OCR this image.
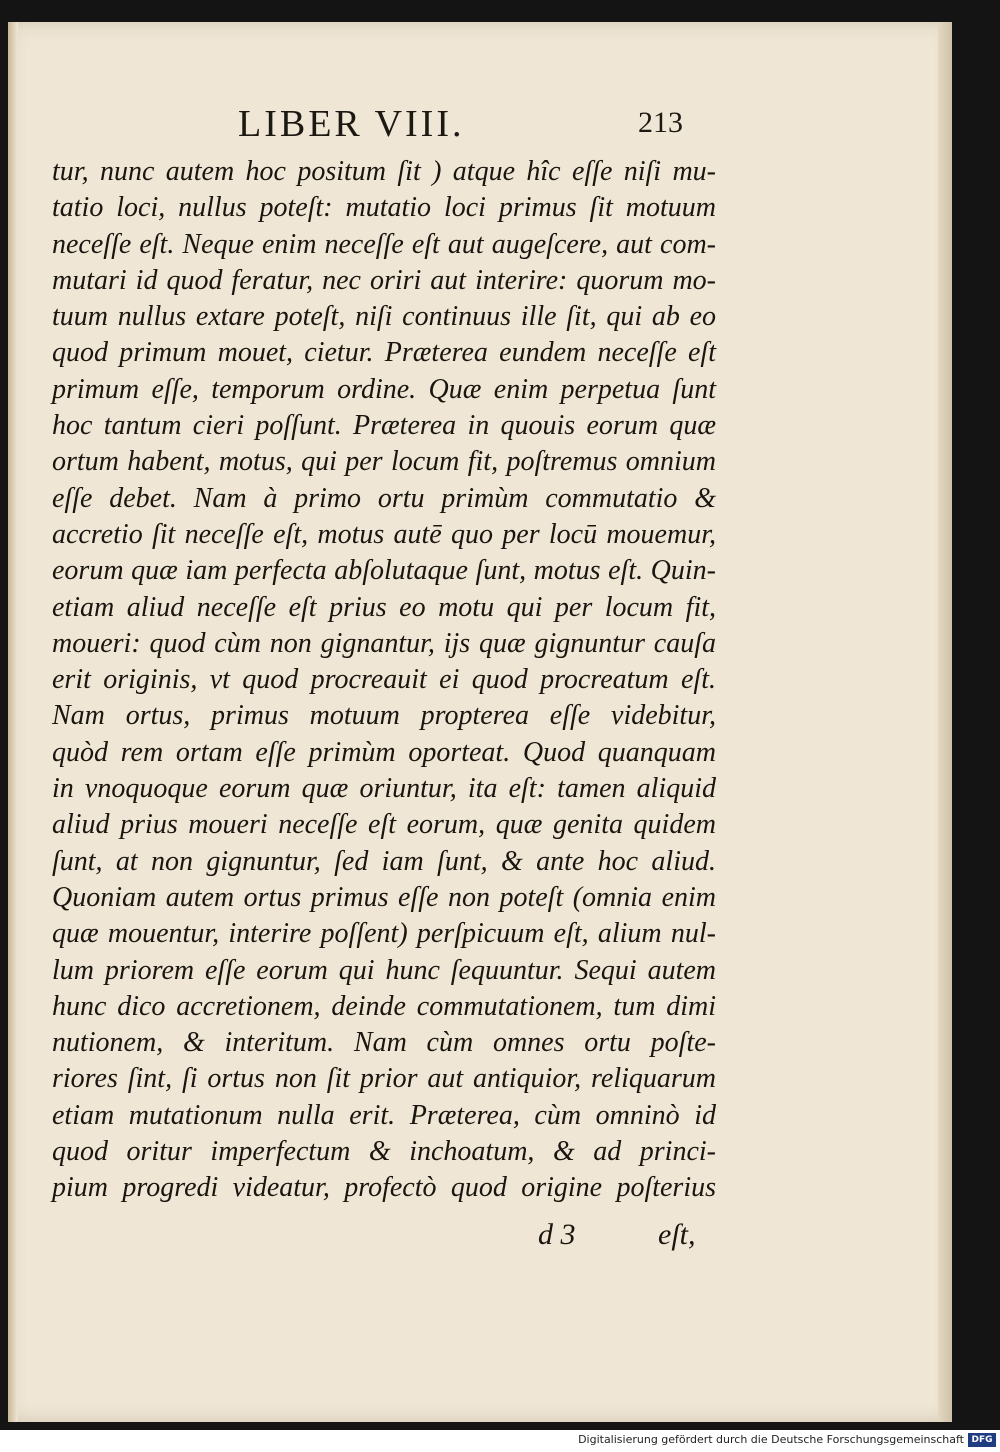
LIBER VIII.	213
tur, nunc autem hoc positum ſit ) atque hîc eſſe niſi mu-
tatio loci, nullus poteſt: mutatio loci primus ſit motuum
neceſſe eſt. Neque enim neceſſe eſt aut augeſcere, aut com-
mutari id quod feratur, nec oriri aut interire: quorum mo-
tuum nullus extare poteſt, niſi continuus ille ſit, qui ab eo
quod primum mouet, cietur. Præterea eundem neceſſe eſt
primum eſſe, temporum ordine. Quæ enim perpetua ſunt
hoc tantum cieri poſſunt. Præterea in quouis eorum quæ
ortum habent, motus, qui per locum fit, poſtremus omnium
eſſe debet. Nam à primo ortu primùm commutatio &
accretio ſit neceſſe eſt, motus autē quo per locū mouemur,
eorum quæ iam perfecta abſolutaque ſunt, motus eſt. Quin-
etiam aliud neceſſe eſt prius eo motu qui per locum fit,
moueri: quod cùm non gignantur, ijs quæ gignuntur cauſa
erit originis, vt quod procreauit ei quod procreatum eſt.
Nam ortus, primus motuum propterea eſſe videbitur,
quòd rem ortam eſſe primùm oporteat. Quod quanquam
in vnoquoque eorum quæ oriuntur, ita eſt: tamen aliquid
aliud prius moueri neceſſe eſt eorum, quæ genita quidem
ſunt, at non gignuntur, ſed iam ſunt, & ante hoc aliud.
Quoniam autem ortus primus eſſe non poteſt (omnia enim
quæ mouentur, interire poſſent) perſpicuum eſt, alium nul-
lum priorem eſſe eorum qui hunc ſequuntur. Sequi autem
hunc dico accretionem, deinde commutationem, tum dimi
nutionem, & interitum. Nam cùm omnes ortu poſte-
riores ſint, ſi ortus non ſit prior aut antiquior, reliquarum
etiam mutationum nulla erit. Præterea, cùm omninò id
quod oritur imperfectum & inchoatum, & ad princi-
pium progredi videatur, profectò quod origine poſterius
d 3	eſt,
Digitalisierung gefördert durch die Deutsche Forschungsgemeinschaft DFG
